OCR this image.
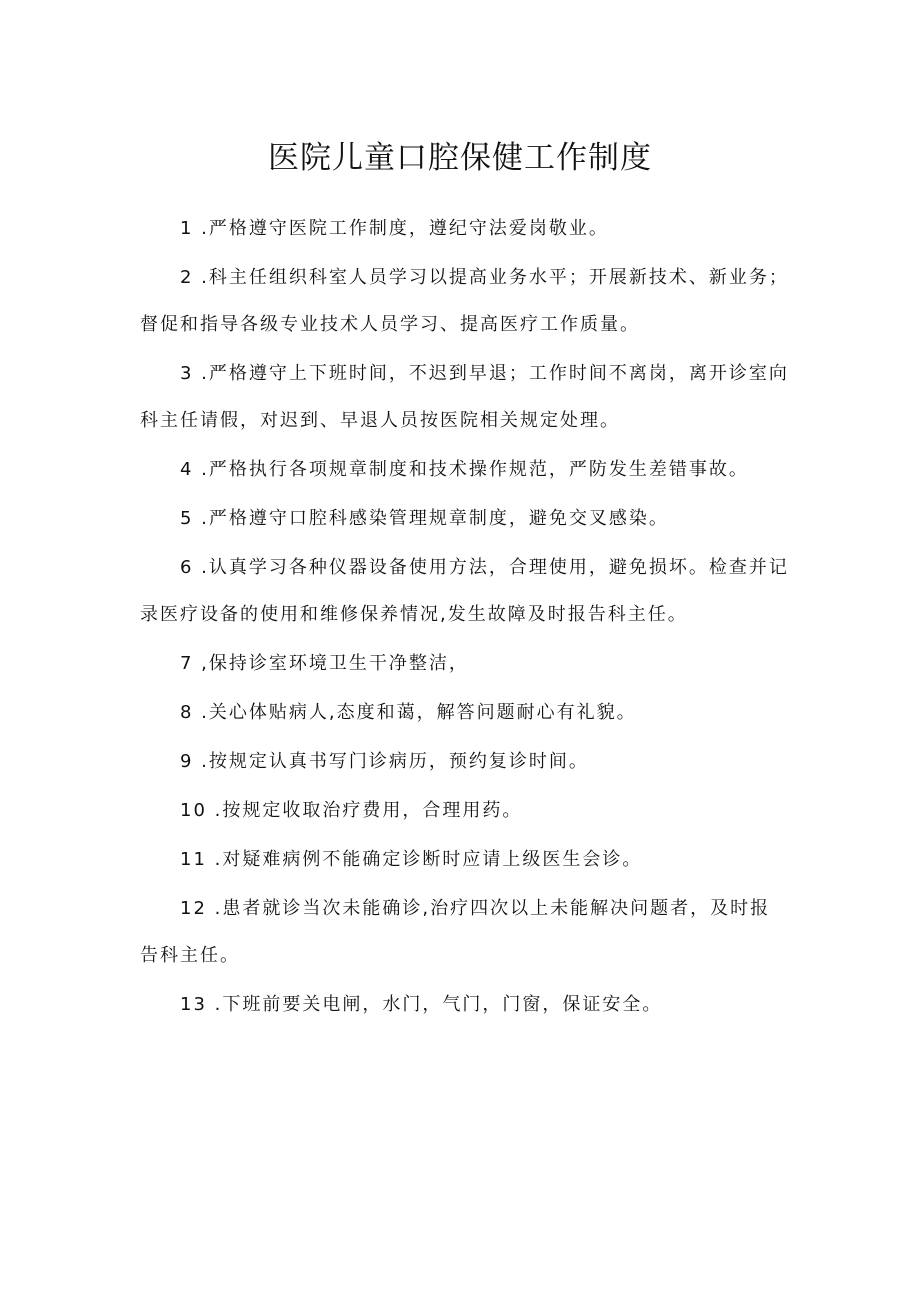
医院儿童口腔保健工作制度

1 .严格遵守医院工作制度，遵纪守法爱岗敬业。

2 .科主任组织科室人员学习以提高业务水平；开展新技术、新业务；督促和指导各级专业技术人员学习、提高医疗工作质量。

3 .严格遵守上下班时间，不迟到早退；工作时间不离岗，离开诊室向科主任请假，对迟到、早退人员按医院相关规定处理。

4 .严格执行各项规章制度和技术操作规范，严防发生差错事故。

5 .严格遵守口腔科感染管理规章制度，避免交叉感染。

6 .认真学习各种仪器设备使用方法，合理使用，避免损坏。检查并记录医疗设备的使用和维修保养情况,发生故障及时报告科主任。

7 ,保持诊室环境卫生干净整洁，

8 .关心体贴病人,态度和蔼，解答问题耐心有礼貌。

9 .按规定认真书写门诊病历，预约复诊时间。

10 .按规定收取治疗费用，合理用药。

11 .对疑难病例不能确定诊断时应请上级医生会诊。

12 .患者就诊当次未能确诊,治疗四次以上未能解决问题者，及时报告科主任。

13 .下班前要关电闸，水门，气门，门窗，保证安全。
